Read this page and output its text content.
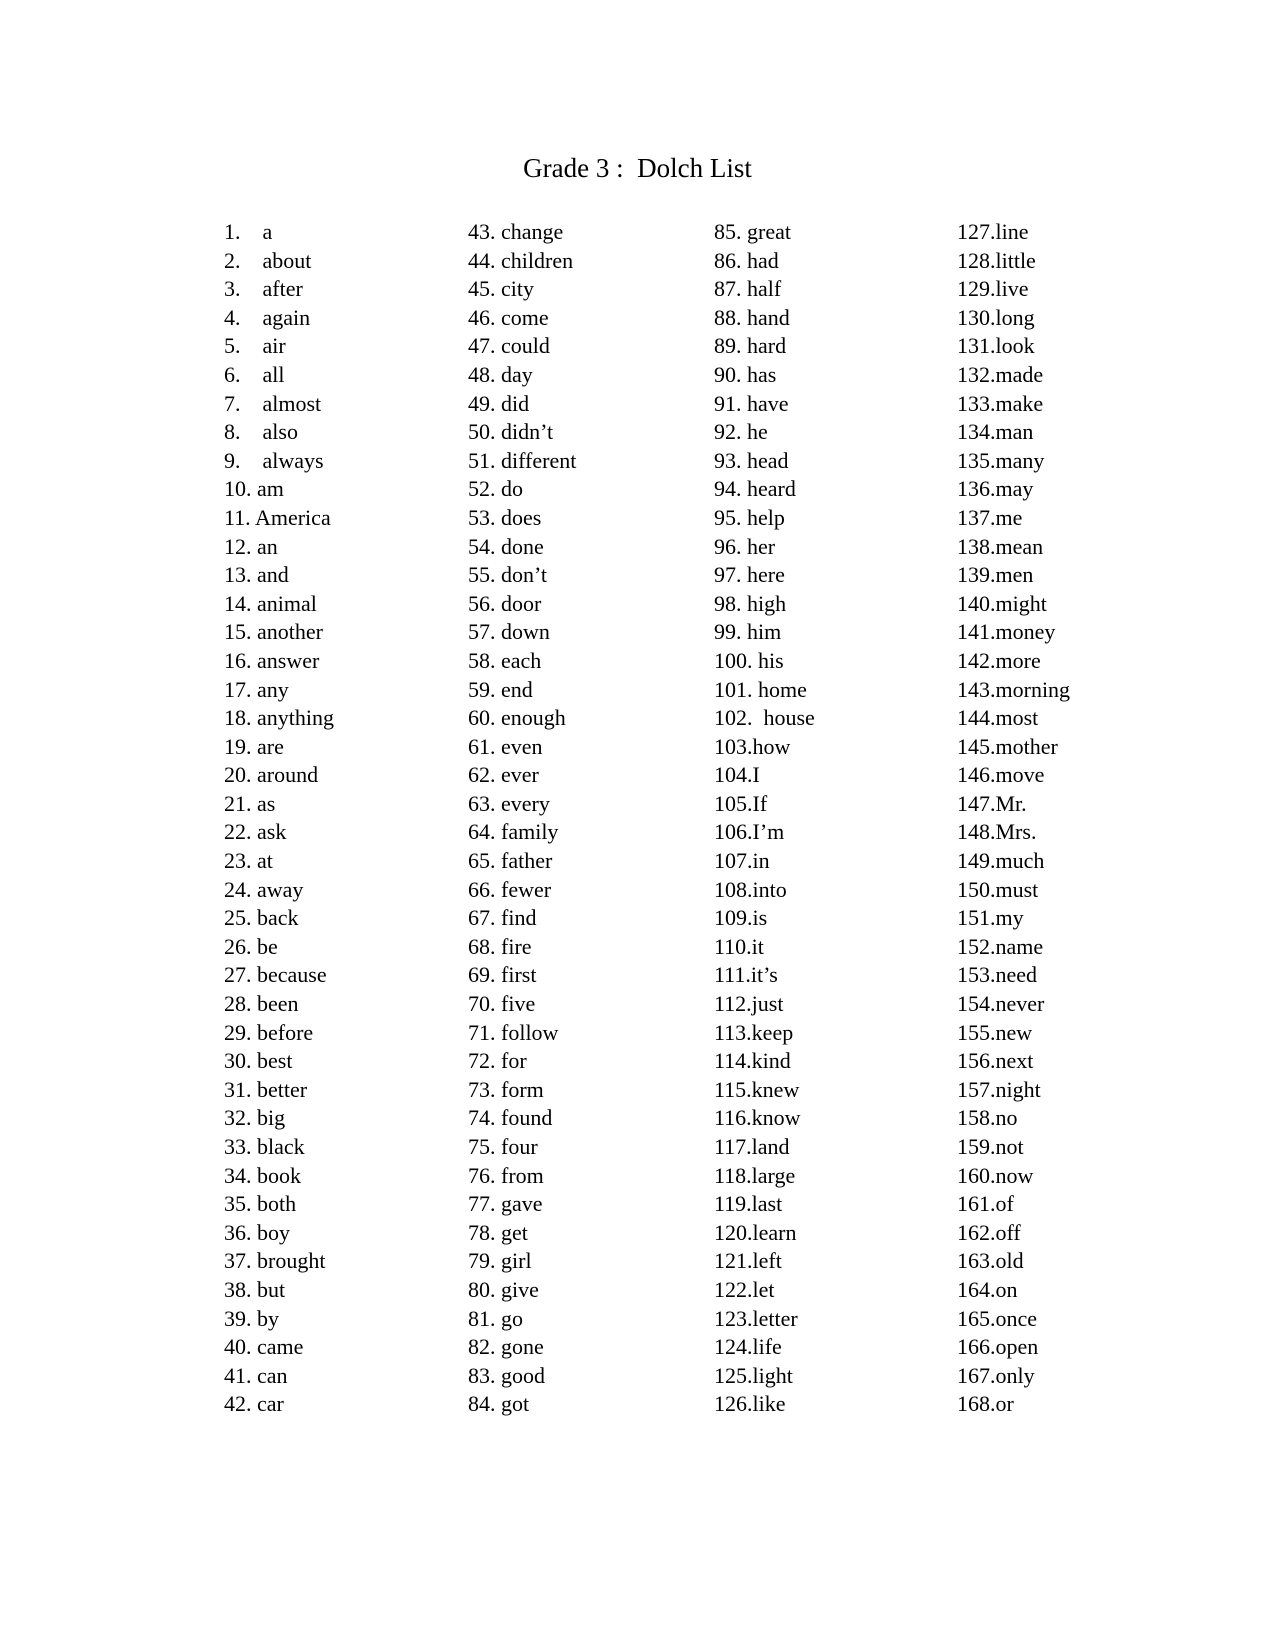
Grade 3 :  Dolch List
1.    a
2.    about
3.    after
4.    again
5.    air
6.    all
7.    almost
8.    also
9.    always
10. am
11. America
12. an
13. and
14. animal
15. another
16. answer
17. any
18. anything
19. are
20. around
21. as
22. ask
23. at
24. away
25. back
26. be
27. because
28. been
29. before
30. best
31. better
32. big
33. black
34. book
35. both
36. boy
37. brought
38. but
39. by
40. came
41. can
42. car
43. change
44. children
45. city
46. come
47. could
48. day
49. did
50. didn’t
51. different
52. do
53. does
54. done
55. don’t
56. door
57. down
58. each
59. end
60. enough
61. even
62. ever
63. every
64. family
65. father
66. fewer
67. find
68. fire
69. first
70. five
71. follow
72. for
73. form
74. found
75. four
76. from
77. gave
78. get
79. girl
80. give
81. go
82. gone
83. good
84. got
85. great
86. had
87. half
88. hand
89. hard
90. has
91. have
92. he
93. head
94. heard
95. help
96. her
97. here
98. high
99. him
100. his
101. home
102.  house
103.how
104.I
105.If
106.I’m
107.in
108.into
109.is
110.it
111.it’s
112.just
113.keep
114.kind
115.knew
116.know
117.land
118.large
119.last
120.learn
121.left
122.let
123.letter
124.life
125.light
126.like
127.line
128.little
129.live
130.long
131.look
132.made
133.make
134.man
135.many
136.may
137.me
138.mean
139.men
140.might
141.money
142.more
143.morning
144.most
145.mother
146.move
147.Mr.
148.Mrs.
149.much
150.must
151.my
152.name
153.need
154.never
155.new
156.next
157.night
158.no
159.not
160.now
161.of
162.off
163.old
164.on
165.once
166.open
167.only
168.or
